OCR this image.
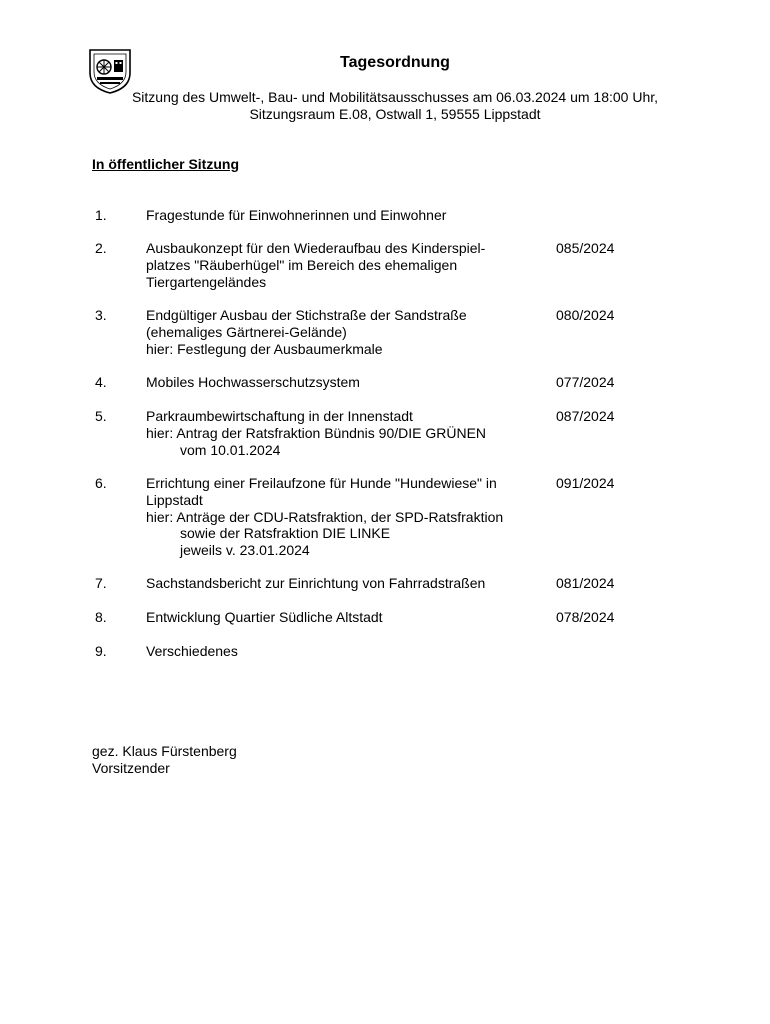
Tagesordnung
Sitzung des Umwelt-, Bau- und Mobilitätsausschusses am 06.03.2024 um 18:00 Uhr,
Sitzungsraum E.08, Ostwall 1, 59555 Lippstadt
In öffentlicher Sitzung
1.	Fragestunde für Einwohnerinnen und Einwohner
2.	Ausbaukonzept für den Wiederaufbau des Kinderspiel-
platzes "Räuberhügel" im Bereich des ehemaligen
Tiergartengeländes
085/2024
3.	Endgültiger Ausbau der Stichstraße der Sandstraße
(ehemaliges Gärtnerei-Gelände)
hier: Festlegung der Ausbaumerkmale
080/2024
4.	Mobiles Hochwasserschutzsystem	077/2024
5.	Parkraumbewirtschaftung in der Innenstadt
hier: Antrag der Ratsfraktion Bündnis 90/DIE GRÜNEN
vom 10.01.2024
087/2024
6.	Errichtung einer Freilaufzone für Hunde "Hundewiese" in
Lippstadt
hier: Anträge der CDU-Ratsfraktion, der SPD-Ratsfraktion
sowie der Ratsfraktion DIE LINKE
jeweils v. 23.01.2024
091/2024
7.	Sachstandsbericht zur Einrichtung von Fahrradstraßen	081/2024
8.	Entwicklung Quartier Südliche Altstadt	078/2024
9.	Verschiedenes
gez. Klaus Fürstenberg
Vorsitzender
